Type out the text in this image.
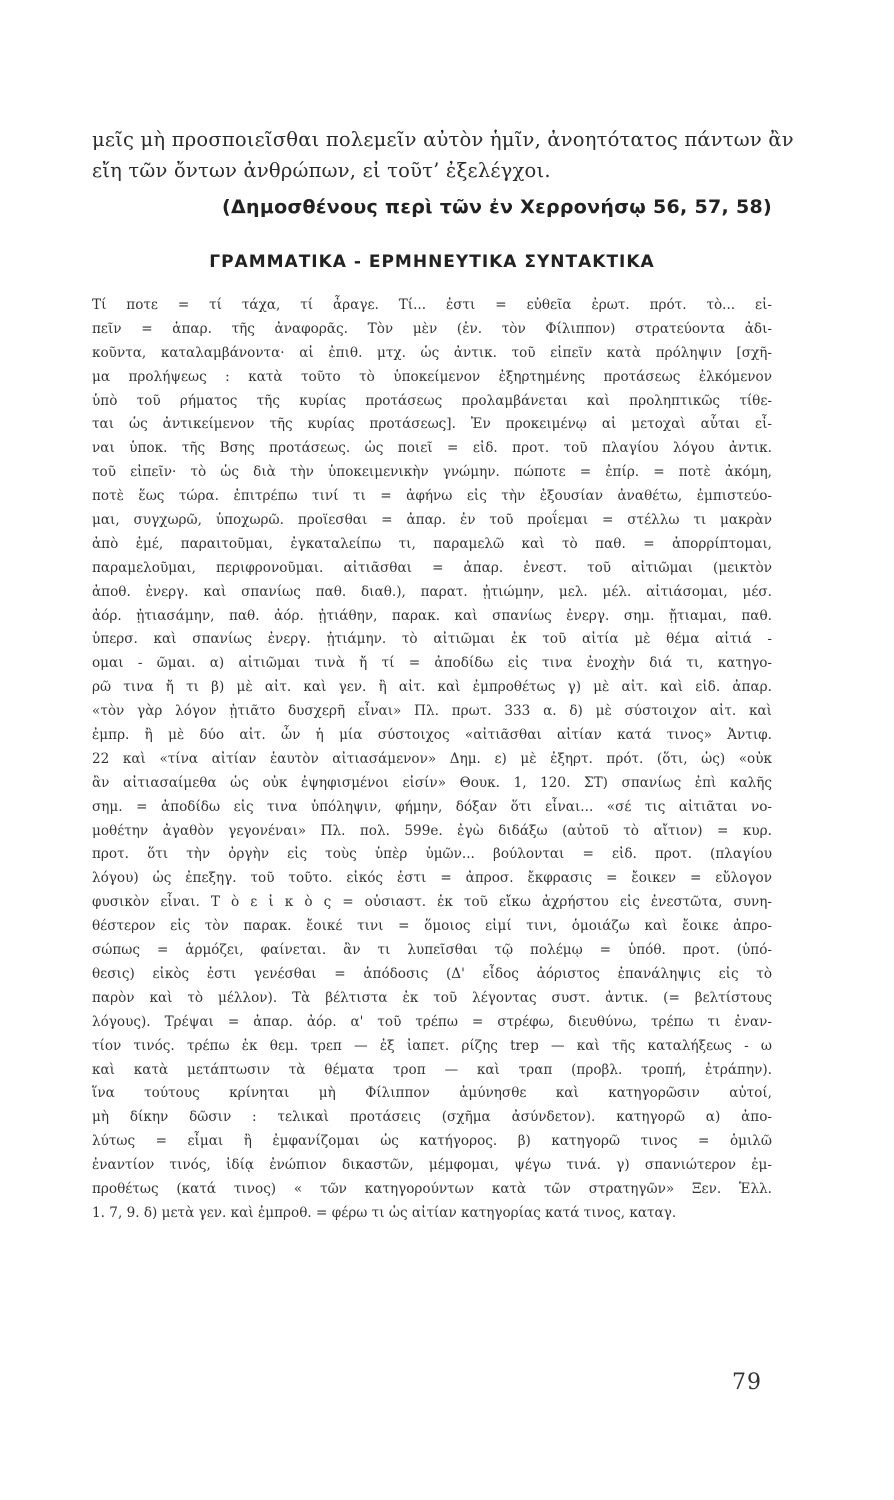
μεῖς μὴ προσποιεῖσθαι πολεμεῖν αὐτὸν ἡμῖν, ἀνοητότατος πάντων ἂν

εἴη τῶν ὄντων ἀνθρώπων, εἰ τοῦτ’ ἐξελέγχοι.

(Δημοσθένους περὶ τῶν ἐν Χερρονήσῳ 56, 57, 58)
ΓΡΑΜΜΑΤΙΚΑ - ΕΡΜΗΝΕΥΤΙΚΑ ΣΥΝΤΑΚΤΙΚΑ
Τί ποτε = τί τάχα, τί ἆραγε. Τί... ἐστι = εὐθεῖα ἐρωτ. πρότ. τὸ... εἰ-
πεῖν = ἀπαρ. τῆς ἀναφορᾶς. Τὸν μὲν (ἐν. τὸν Φίλιππον) στρατεύοντα ἀδι-
κοῦντα, καταλαμβάνοντα· αἱ ἐπιθ. μτχ. ὡς ἀντικ. τοῦ εἰπεῖν κατὰ πρόληψιν [σχῆ-
μα προλήψεως : κατὰ τοῦτο τὸ ὑποκείμενον ἐξηρτημένης προτάσεως ἑλκόμενον
ὑπὸ τοῦ ρήματος τῆς κυρίας προτάσεως προλαμβάνεται καὶ προληπτικῶς τίθε-
ται ὡς ἀντικείμενον τῆς κυρίας προτάσεως]. Ἐν προκειμένῳ αἱ μετοχαὶ αὗται εἶ-
ναι ὑποκ. τῆς Βσης προτάσεως. ὡς ποιεῖ = εἰδ. προτ. τοῦ πλαγίου λόγου ἀντικ.
τοῦ εἰπεῖν· τὸ ὡς διὰ τὴν ὑποκειμενικὴν γνώμην. πώποτε = ἐπίρ. = ποτὲ ἀκόμη,
ποτὲ ἕως τώρα. ἐπιτρέπω τινί τι = ἀφήνω εἰς τὴν ἐξουσίαν ἀναθέτω, ἐμπιστεύο-
μαι, συγχωρῶ, ὑποχωρῶ. προϊεσθαι = ἀπαρ. ἐν τοῦ προΐεμαι = στέλλω τι μακρὰν
ἀπὸ ἐμέ, παραιτοῦμαι, ἐγκαταλείπω τι, παραμελῶ καὶ τὸ παθ. = ἀπορρίπτομαι,
παραμελοῦμαι, περιφρονοῦμαι. αἰτιᾶσθαι = ἀπαρ. ἐνεστ. τοῦ αἰτιῶμαι (μεικτὸν
ἀποθ. ἐνεργ. καὶ σπανίως παθ. διαθ.), παρατ. ᾐτιώμην, μελ. μέλ. αἰτιάσομαι, μέσ.
ἀόρ. ᾐτιασάμην, παθ. ἀόρ. ᾐτιάθην, παρακ. καὶ σπανίως ἐνεργ. σημ. ᾔτιαμαι, παθ.
ὑπερσ. καὶ σπανίως ἐνεργ. ᾐτιάμην. τὸ αἰτιῶμαι ἐκ τοῦ αἰτία μὲ θέμα αἰτιά -
ομαι - ῶμαι. α) αἰτιῶμαι τινὰ ἤ τί = ἀποδίδω εἰς τινα ἐνοχὴν διά τι, κατηγο-
ρῶ τινα ἤ τι β) μὲ αἰτ. καὶ γεν. ἢ αἰτ. καὶ ἐμπροθέτως γ) μὲ αἰτ. καὶ εἰδ. ἀπαρ.
«τὸν γὰρ λόγον ᾐτιᾶτο δυσχερῆ εἶναι» Πλ. πρωτ. 333 α. δ) μὲ σύστοιχον αἰτ. καὶ
ἐμπρ. ἢ μὲ δύο αἰτ. ὧν ἡ μία σύστοιχος «αἰτιᾶσθαι αἰτίαν κατά τινος» Ἀντιφ.
22 καὶ «τίνα αἰτίαν ἑαυτὸν αἰτιασάμενον» Δημ. ε) μὲ ἐξηρτ. πρότ. (ὅτι, ὡς) «οὐκ
ἂν αἰτιασαίμεθα ὡς οὐκ ἐψηφισμένοι εἰσίν» Θουκ. 1, 120. ΣΤ) σπανίως ἐπὶ καλῆς
σημ. = ἀποδίδω εἰς τινα ὑπόληψιν, φήμην, δόξαν ὅτι εἶναι... «σέ τις αἰτιᾶται νο-
μοθέτην ἀγαθὸν γεγονέναι» Πλ. πολ. 599e. ἐγὼ διδάξω (αὐτοῦ τὸ αἴτιον) = κυρ.
προτ. ὅτι τὴν ὀργὴν εἰς τοὺς ὑπὲρ ὑμῶν... βούλονται = εἰδ. προτ. (πλαγίου
λόγου) ὡς ἐπεξηγ. τοῦ τοῦτο. εἰκός ἐστι = ἀπροσ. ἔκφρασις = ἔοικεν = εὔλογον
φυσικὸν εἶναι. Τ ὸ ε ἰ κ ὸ ς = οὐσιαστ. ἐκ τοῦ εἴκω ἀχρήστου εἰς ἐνεστῶτα, συνη-
θέστερον εἰς τὸν παρακ. ἔοικέ τινι = ὅμοιος εἰμί τινι, ὁμοιάζω καὶ ἔοικε ἀπρο-
σώπως = ἁρμόζει, φαίνεται. ἂν τι λυπεῖσθαι τῷ πολέμῳ = ὑπόθ. προτ. (ὑπό-
θεσις) εἰκὸς ἐστι γενέσθαι = ἀπόδοσις (Δ' εἶδος ἀόριστος ἐπανάληψις εἰς τὸ
παρὸν καὶ τὸ μέλλον). Τὰ βέλτιστα ἐκ τοῦ λέγοντας συστ. ἀντικ. (= βελτίστους
λόγους). Τρέψαι = ἀπαρ. ἀόρ. α' τοῦ τρέπω = στρέφω, διευθύνω, τρέπω τι ἐναν-
τίον τινός. τρέπω ἐκ θεμ. τρεπ — ἐξ ἰαπετ. ρίζης trep — καὶ τῆς καταλήξεως - ω
καὶ κατὰ μετάπτωσιν τὰ θέματα τροπ — καὶ τραπ (προβλ. τροπή, ἐτράπην).
ἵνα τούτους κρίνηται μὴ Φίλιππον ἀμύνησθε καὶ κατηγορῶσιν αὐτοί,
μὴ δίκην δῶσιν : τελικαὶ προτάσεις (σχῆμα ἀσύνδετον). κατηγορῶ α) ἀπο-
λύτως = εἶμαι ἢ ἐμφανίζομαι ὡς κατήγορος. β) κατηγορῶ τινος = ὁμιλῶ
ἐναντίον τινός, ἰδίᾳ ἐνώπιον δικαστῶν, μέμφομαι, ψέγω τινά. γ) σπανιώτερον ἐμ-
προθέτως (κατά τινος) « τῶν κατηγορούντων κατὰ τῶν στρατηγῶν» Ξεν. Ἑλλ.
1. 7, 9. δ) μετὰ γεν. καὶ ἐμπροθ. = φέρω τι ὡς αἰτίαν κατηγορίας κατά τινος, καταγ.
79
